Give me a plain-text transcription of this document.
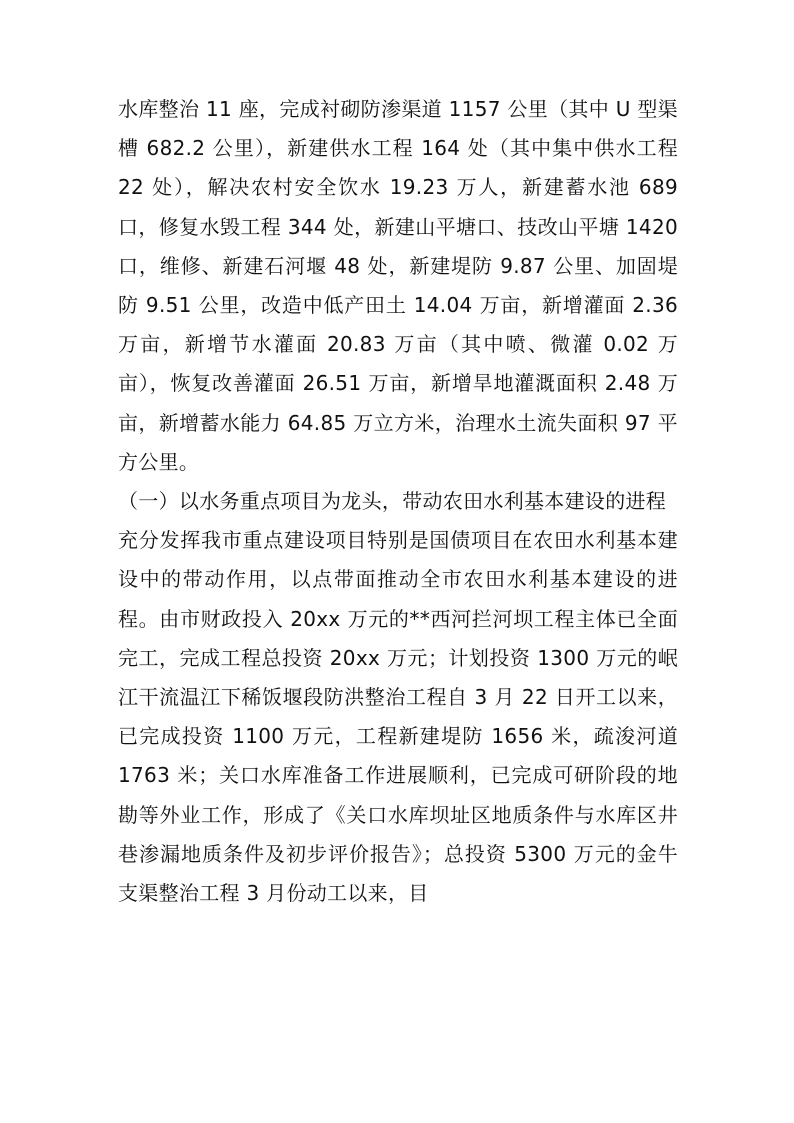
水库整治 11 座，完成衬砌防渗渠道 1157 公里（其中 U 型渠槽 682.2 公里），新建供水工程 164 处（其中集中供水工程 22 处），解决农村安全饮水 19.23 万人，新建蓄水池 689 口，修复水毁工程 344 处，新建山平塘口、技改山平塘 1420 口，维修、新建石河堰 48 处，新建堤防 9.87 公里、加固堤防 9.51 公里，改造中低产田土 14.04 万亩，新增灌面 2.36 万亩，新增节水灌面 20.83 万亩（其中喷、微灌 0.02 万亩），恢复改善灌面 26.51 万亩，新增旱地灌溉面积 2.48 万亩，新增蓄水能力 64.85 万立方米，治理水土流失面积 97 平方公里。

（一）以水务重点项目为龙头，带动农田水利基本建设的进程

充分发挥我市重点建设项目特别是国债项目在农田水利基本建设中的带动作用，以点带面推动全市农田水利基本建设的进程。由市财政投入 20xx 万元的**西河拦河坝工程主体已全面完工，完成工程总投资 20xx 万元；计划投资 1300 万元的岷江干流温江下稀饭堰段防洪整治工程自 3 月 22 日开工以来，已完成投资 1100 万元，工程新建堤防 1656 米，疏浚河道 1763 米；关口水库准备工作进展顺利，已完成可研阶段的地勘等外业工作，形成了《关口水库坝址区地质条件与水库区井巷渗漏地质条件及初步评价报告》；总投资 5300 万元的金牛支渠整治工程 3 月份动工以来，目
